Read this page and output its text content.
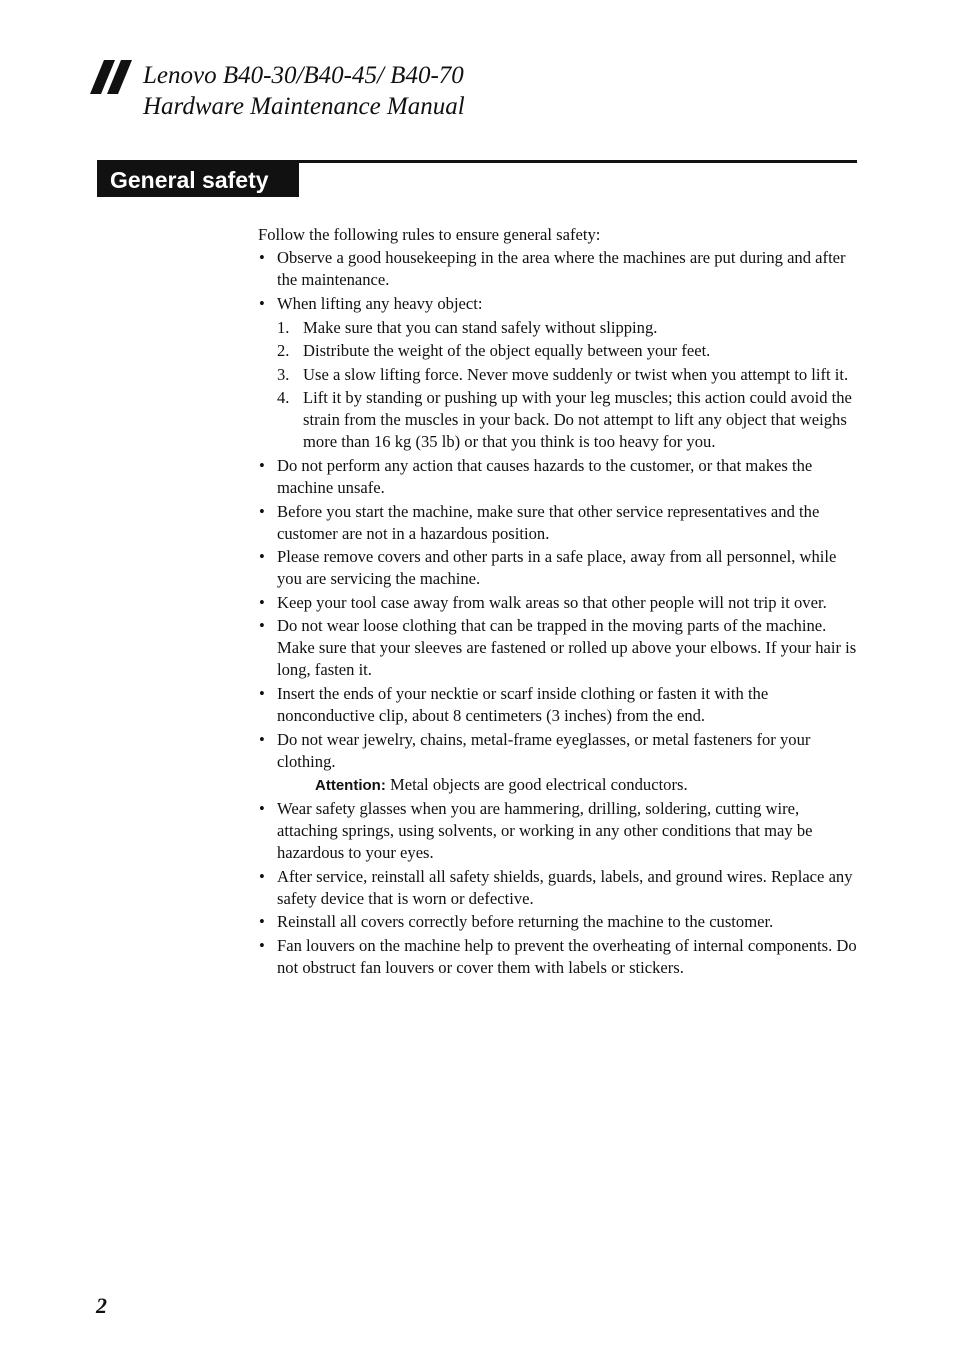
Lenovo B40-30/B40-45/ B40-70
Hardware Maintenance Manual
General safety

Follow the following rules to ensure general safety:

• Observe a good housekeeping in the area where the machines are put during and after the maintenance.
• When lifting any heavy object:
1. Make sure that you can stand safely without slipping.
2. Distribute the weight of the object equally between your feet.
3. Use a slow lifting force. Never move suddenly or twist when you attempt to lift it.
4. Lift it by standing or pushing up with your leg muscles; this action could avoid the strain from the muscles in your back. Do not attempt to lift any object that weighs more than 16 kg (35 lb) or that you think is too heavy for you.
• Do not perform any action that causes hazards to the customer, or that makes the machine unsafe.
• Before you start the machine, make sure that other service representatives and the customer are not in a hazardous position.
• Please remove covers and other parts in a safe place, away from all personnel, while you are servicing the machine.
• Keep your tool case away from walk areas so that other people will not trip it over.
• Do not wear loose clothing that can be trapped in the moving parts of the machine. Make sure that your sleeves are fastened or rolled up above your elbows. If your hair is long, fasten it.
• Insert the ends of your necktie or scarf inside clothing or fasten it with the nonconductive clip, about 8 centimeters (3 inches) from the end.
• Do not wear jewelry, chains, metal-frame eyeglasses, or metal fasteners for your clothing.
Attention: Metal objects are good electrical conductors.
• Wear safety glasses when you are hammering, drilling, soldering, cutting wire, attaching springs, using solvents, or working in any other conditions that may be hazardous to your eyes.
• After service, reinstall all safety shields, guards, labels, and ground wires. Replace any safety device that is worn or defective.
• Reinstall all covers correctly before returning the machine to the customer.
• Fan louvers on the machine help to prevent the overheating of internal components. Do not obstruct fan louvers or cover them with labels or stickers.
2
